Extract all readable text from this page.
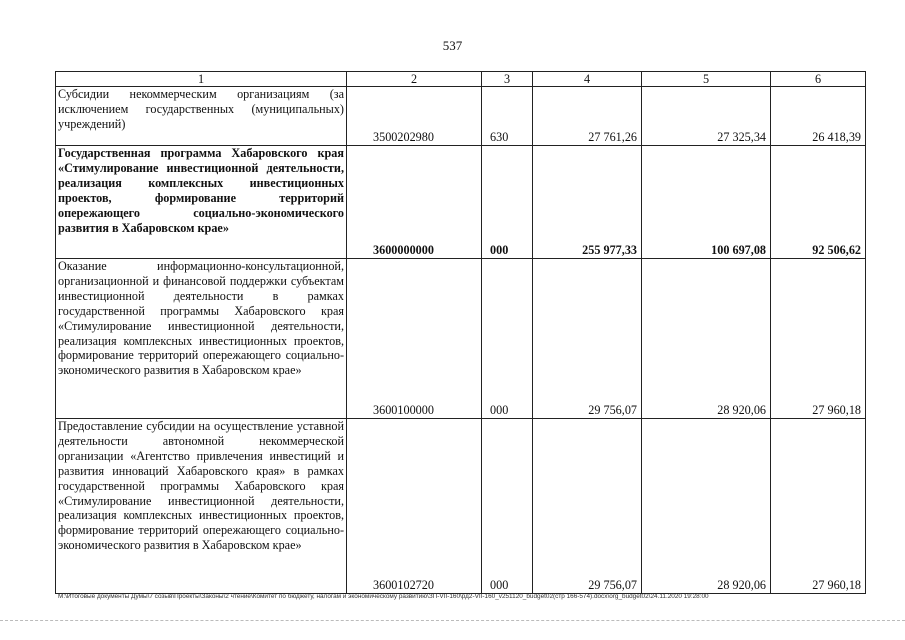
537
1	2	3	4	5	6
Субсидии некоммерческим организациям (за исключением государственных (муниципальных) учреждений)	3500202980	630	27 761,26	27 325,34	26 418,39
Государственная программа Хабаровского края «Стимулирование инвестиционной деятельности, реализация комплексных инвестиционных проектов, формирование территорий опережающего социально-экономического развития в Хабаровском крае»	3600000000	000	255 977,33	100 697,08	92 506,62
Оказание информационно-консультационной, организационной и финансовой поддержки субъектам инвестиционной деятельности в рамках государственной программы Хабаровского края «Стимулирование инвестиционной деятельности, реализация комплексных инвестиционных проектов, формирование территорий опережающего социально-экономического развития в Хабаровском крае»	3600100000	000	29 756,07	28 920,06	27 960,18
Предоставление субсидии на осуществление уставной деятельности автономной некоммерческой организации «Агентство привлечения инвестиций и развития инноваций Хабаровского края» в рамках государственной программы Хабаровского края «Стимулирование инвестиционной деятельности, реализация комплексных инвестиционных проектов, формирование территорий опережающего социально-экономического развития в Хабаровском крае»	3600102720	000	29 756,07	28 920,06	27 960,18
M:\Итоговые документы Думы\7 созыв\Проекты\Законы\2 чтение\Комитет по бюджету, налогам и экономическому развитию\ЗП-VII-160\рд2-VII-160_v251120_budget02(стр 166-574).docx\org_budget02\24.11.2020 19:28:00
